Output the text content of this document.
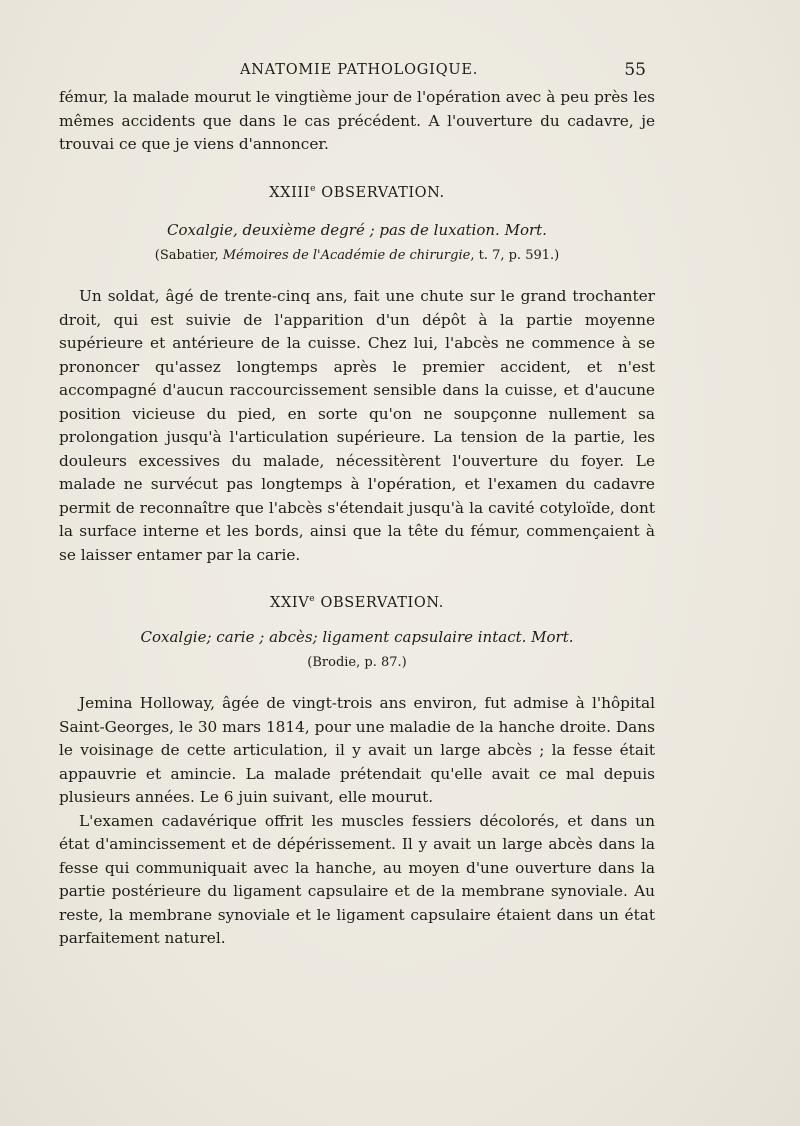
ANATOMIE PATHOLOGIQUE.	55

fémur, la malade mourut le vingtième jour de l'opération avec à peu près les mêmes accidents que dans le cas précédent. A l'ouverture du cadavre, je trouvai ce que je viens d'annoncer.

XXIIIe OBSERVATION.
Coxalgie, deuxième degré ; pas de luxation. Mort.
(Sabatier, Mémoires de l'Académie de chirurgie, t. 7, p. 591.)

Un soldat, âgé de trente-cinq ans, fait une chute sur le grand trochanter droit, qui est suivie de l'apparition d'un dépôt à la partie moyenne supérieure et antérieure de la cuisse. Chez lui, l'abcès ne commence à se prononcer qu'assez longtemps après le premier accident, et n'est accompagné d'aucun raccourcissement sensible dans la cuisse, et d'aucune position vicieuse du pied, en sorte qu'on ne soupçonne nullement sa prolongation jusqu'à l'articulation supérieure. La tension de la partie, les douleurs excessives du malade, nécessitèrent l'ouverture du foyer. Le malade ne survécut pas longtemps à l'opération, et l'examen du cadavre permit de reconnaître que l'abcès s'étendait jusqu'à la cavité cotyloïde, dont la surface interne et les bords, ainsi que la tête du fémur, commençaient à se laisser entamer par la carie.

XXIVe OBSERVATION.
Coxalgie; carie ; abcès; ligament capsulaire intact. Mort.
(Brodie, p. 87.)

Jemina Holloway, âgée de vingt-trois ans environ, fut admise à l'hôpital Saint-Georges, le 30 mars 1814, pour une maladie de la hanche droite. Dans le voisinage de cette articulation, il y avait un large abcès ; la fesse était appauvrie et amincie. La malade prétendait qu'elle avait ce mal depuis plusieurs années. Le 6 juin suivant, elle mourut.

L'examen cadavérique offrit les muscles fessiers décolorés, et dans un état d'amincissement et de dépérissement. Il y avait un large abcès dans la fesse qui communiquait avec la hanche, au moyen d'une ouverture dans la partie postérieure du ligament capsulaire et de la membrane synoviale. Au reste, la membrane synoviale et le ligament capsulaire étaient dans un état parfaitement naturel.
